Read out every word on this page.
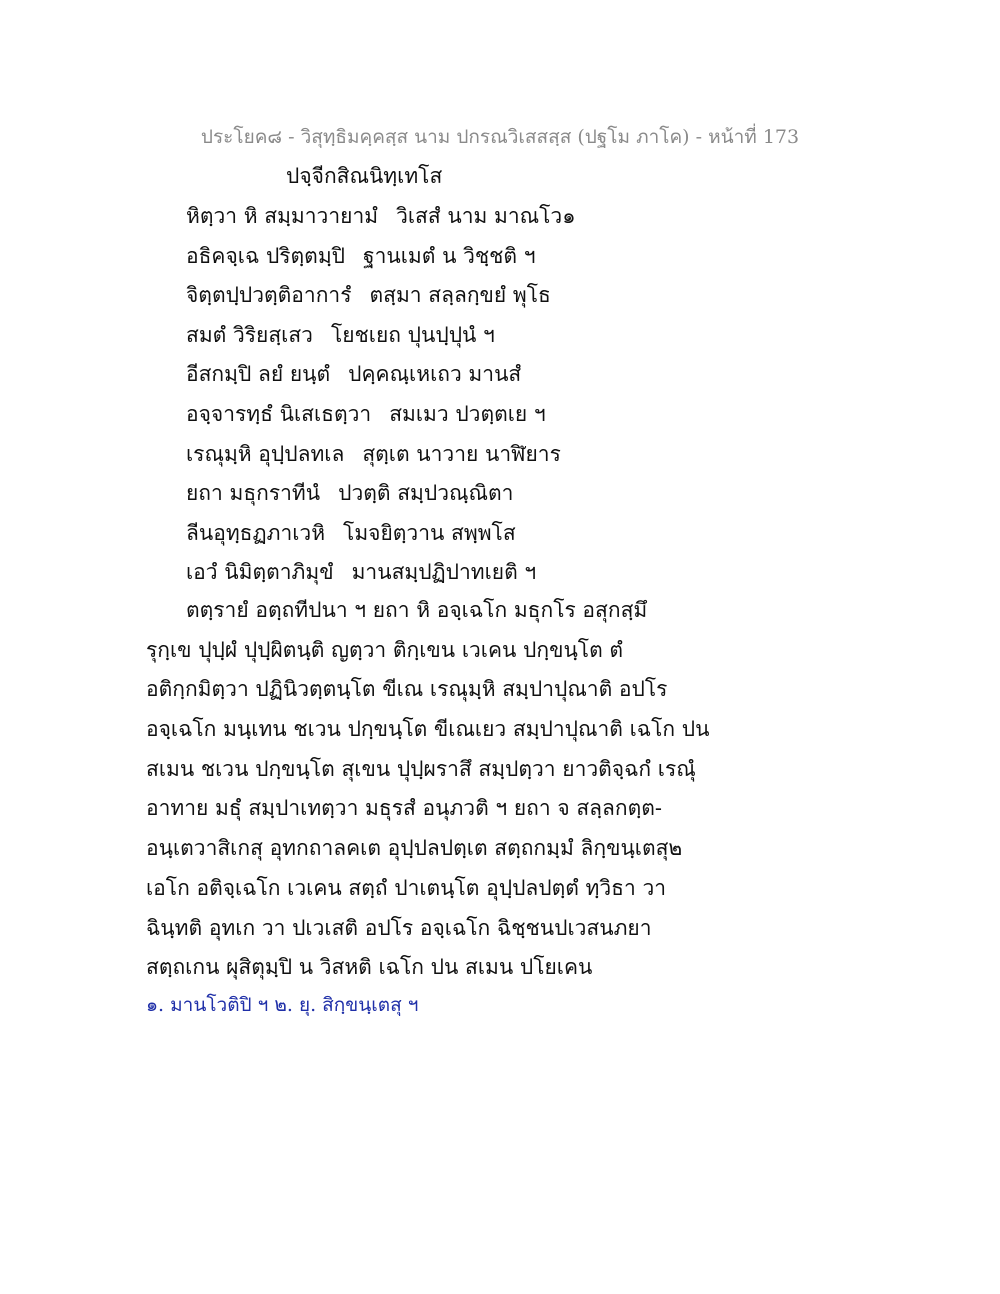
ประโยค๘ - วิสุทฺธิมคฺคสฺส นาม ปกรณวิเสสสฺส (ปฐโม ภาโค) - หน้าที่ 173
ปจฺจีกสิณนิทฺเทโส
หิตฺวา หิ สมฺมาวายามํ วิเสสํ นาม มาณโว๑
อธิคจฺเฉ ปริตฺตมฺปิ ฐานเมตํ น วิชฺชติ ฯ
จิตฺตปฺปวตฺติอาการํ ตสฺมา สลฺลกฺขยํ พุโธ
สมตํ วิริยสฺเสว โยชเยถ ปุนปฺปุนํ ฯ
อีสกมฺปิ ลยํ ยนฺตํ ปคฺคณฺเหเถว มานสํ
อจฺจารทฺธํ นิเสเธตฺวา สมเมว ปวตฺตเย ฯ
เรณุมฺหิ อุปฺปลทเล สุตฺเต นาวาย นาฬิยาร
ยถา มธุกราทีนํ ปวตฺติ สมฺปวณฺณิตา
ลีนอุทฺธฏภาเวหิ โมจยิตฺวาน สพฺพโส
เอวํ นิมิตฺตาภิมุขํ มานสมฺปฏิปาทเยติ ฯ
ตตฺรายํ อตฺถทีปนา ฯ ยถา หิ อจฺเฉโก มธุกโร อสุกสฺมึ
รุกฺเข ปุปฺผํ ปุปฺผิตนฺติ ญตฺวา ติกฺเขน เวเคน ปกฺขนฺโต ตํ
อติกฺกมิตฺวา ปฏินิวตฺตนฺโต ขีเณ เรณุมฺหิ สมฺปาปุณาติ อปโร
อจฺเฉโก มนฺเทน ชเวน ปกฺขนฺโต ขีเณเยว สมฺปาปุณาติ เฉโก ปน
สเมน ชเวน ปกฺขนฺโต สุเขน ปุปฺผราสึ สมฺปตฺวา ยาวติจฺฉกํ เรณุํ
อาทาย มธุํ สมฺปาเทตฺวา มธุรสํ อนุภวติ ฯ ยถา จ สลฺลกตฺต-
อนฺเตวาสิเกสุ อุทกถาลคเต อุปฺปลปตฺเต สตฺถกมฺมํ ลิกฺขนฺเตสุ๒
เอโก อติจฺเฉโก เวเคน สตฺถํ ปาเตนฺโต อุปฺปลปตฺตํ ทฺวิธา วา
ฉินฺทติ อุทเก วา ปเวเสติ อปโร อจฺเฉโก ฉิชฺชนปเวสนภยา
สตฺถเกน ผุสิตุมฺปิ น วิสหติ เฉโก ปน สเมน ปโยเคน
๑. มานโวติปิ ฯ ๒. ยุ. สิกฺขนฺเตสุ ฯ
